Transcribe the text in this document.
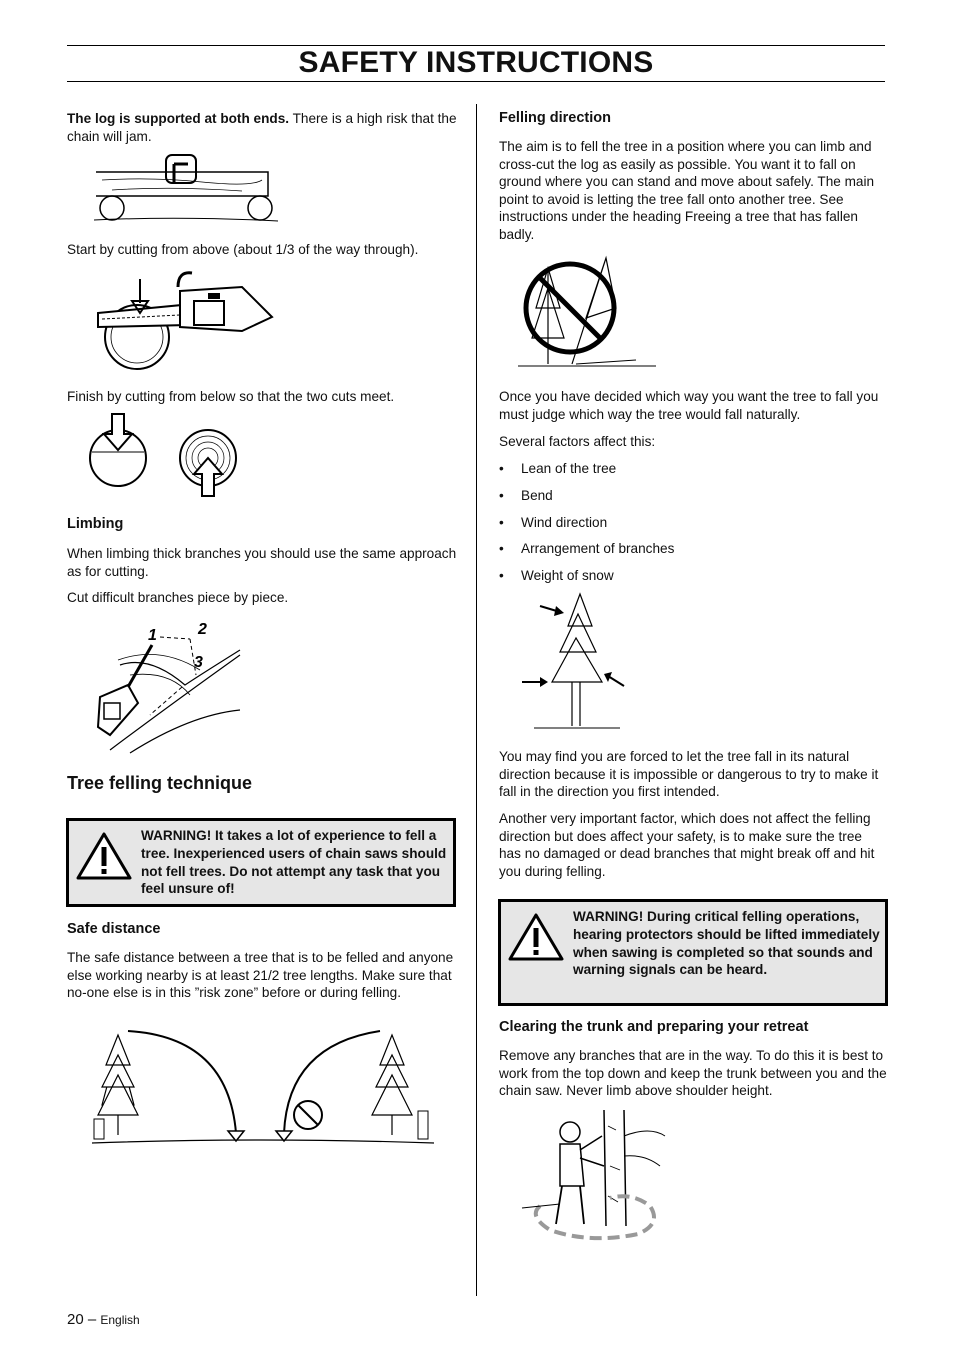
SAFETY INSTRUCTIONS

The log is supported at both ends. There is a high risk that the chain will jam.

Start by cutting from above (about 1/3 of the way through).

Finish by cutting from below so that the two cuts meet.

Limbing

When limbing thick branches you should use the same approach as for cutting.

Cut difficult branches piece by piece.

1	2
3

Tree felling technique

WARNING! It takes a lot of experience to fell a tree. Inexperienced users of chain saws should not fell trees. Do not attempt any task that you feel unsure of!

Safe distance

The safe distance between a tree that is to be felled and anyone else working nearby is at least 21/2 tree lengths. Make sure that no-one else is in this ”risk zone” before or during felling.

Felling direction

The aim is to fell the tree in a position where you can limb and cross-cut the log as easily as possible. You want it to fall on ground where you can stand and move about safely. The main point to avoid is letting the tree fall onto another tree. See instructions under the heading Freeing a tree that has fallen badly.

Once you have decided which way you want the tree to fall you must judge which way the tree would fall naturally.

Several factors affect this:

• Lean of the tree
• Bend
• Wind direction
• Arrangement of branches
• Weight of snow

You may find you are forced to let the tree fall in its natural direction because it is impossible or dangerous to try to make it fall in the direction you first intended.

Another very important factor, which does not affect the felling direction but does affect your safety, is to make sure the tree has no damaged or dead branches that might break off and hit you during felling.

WARNING! During critical felling operations, hearing protectors should be lifted immediately when sawing is completed so that sounds and warning signals can be heard.

Clearing the trunk and preparing your retreat

Remove any branches that are in the way. To do this it is best to work from the top down and keep the trunk between you and the chain saw. Never limb above shoulder height.

20 – English
